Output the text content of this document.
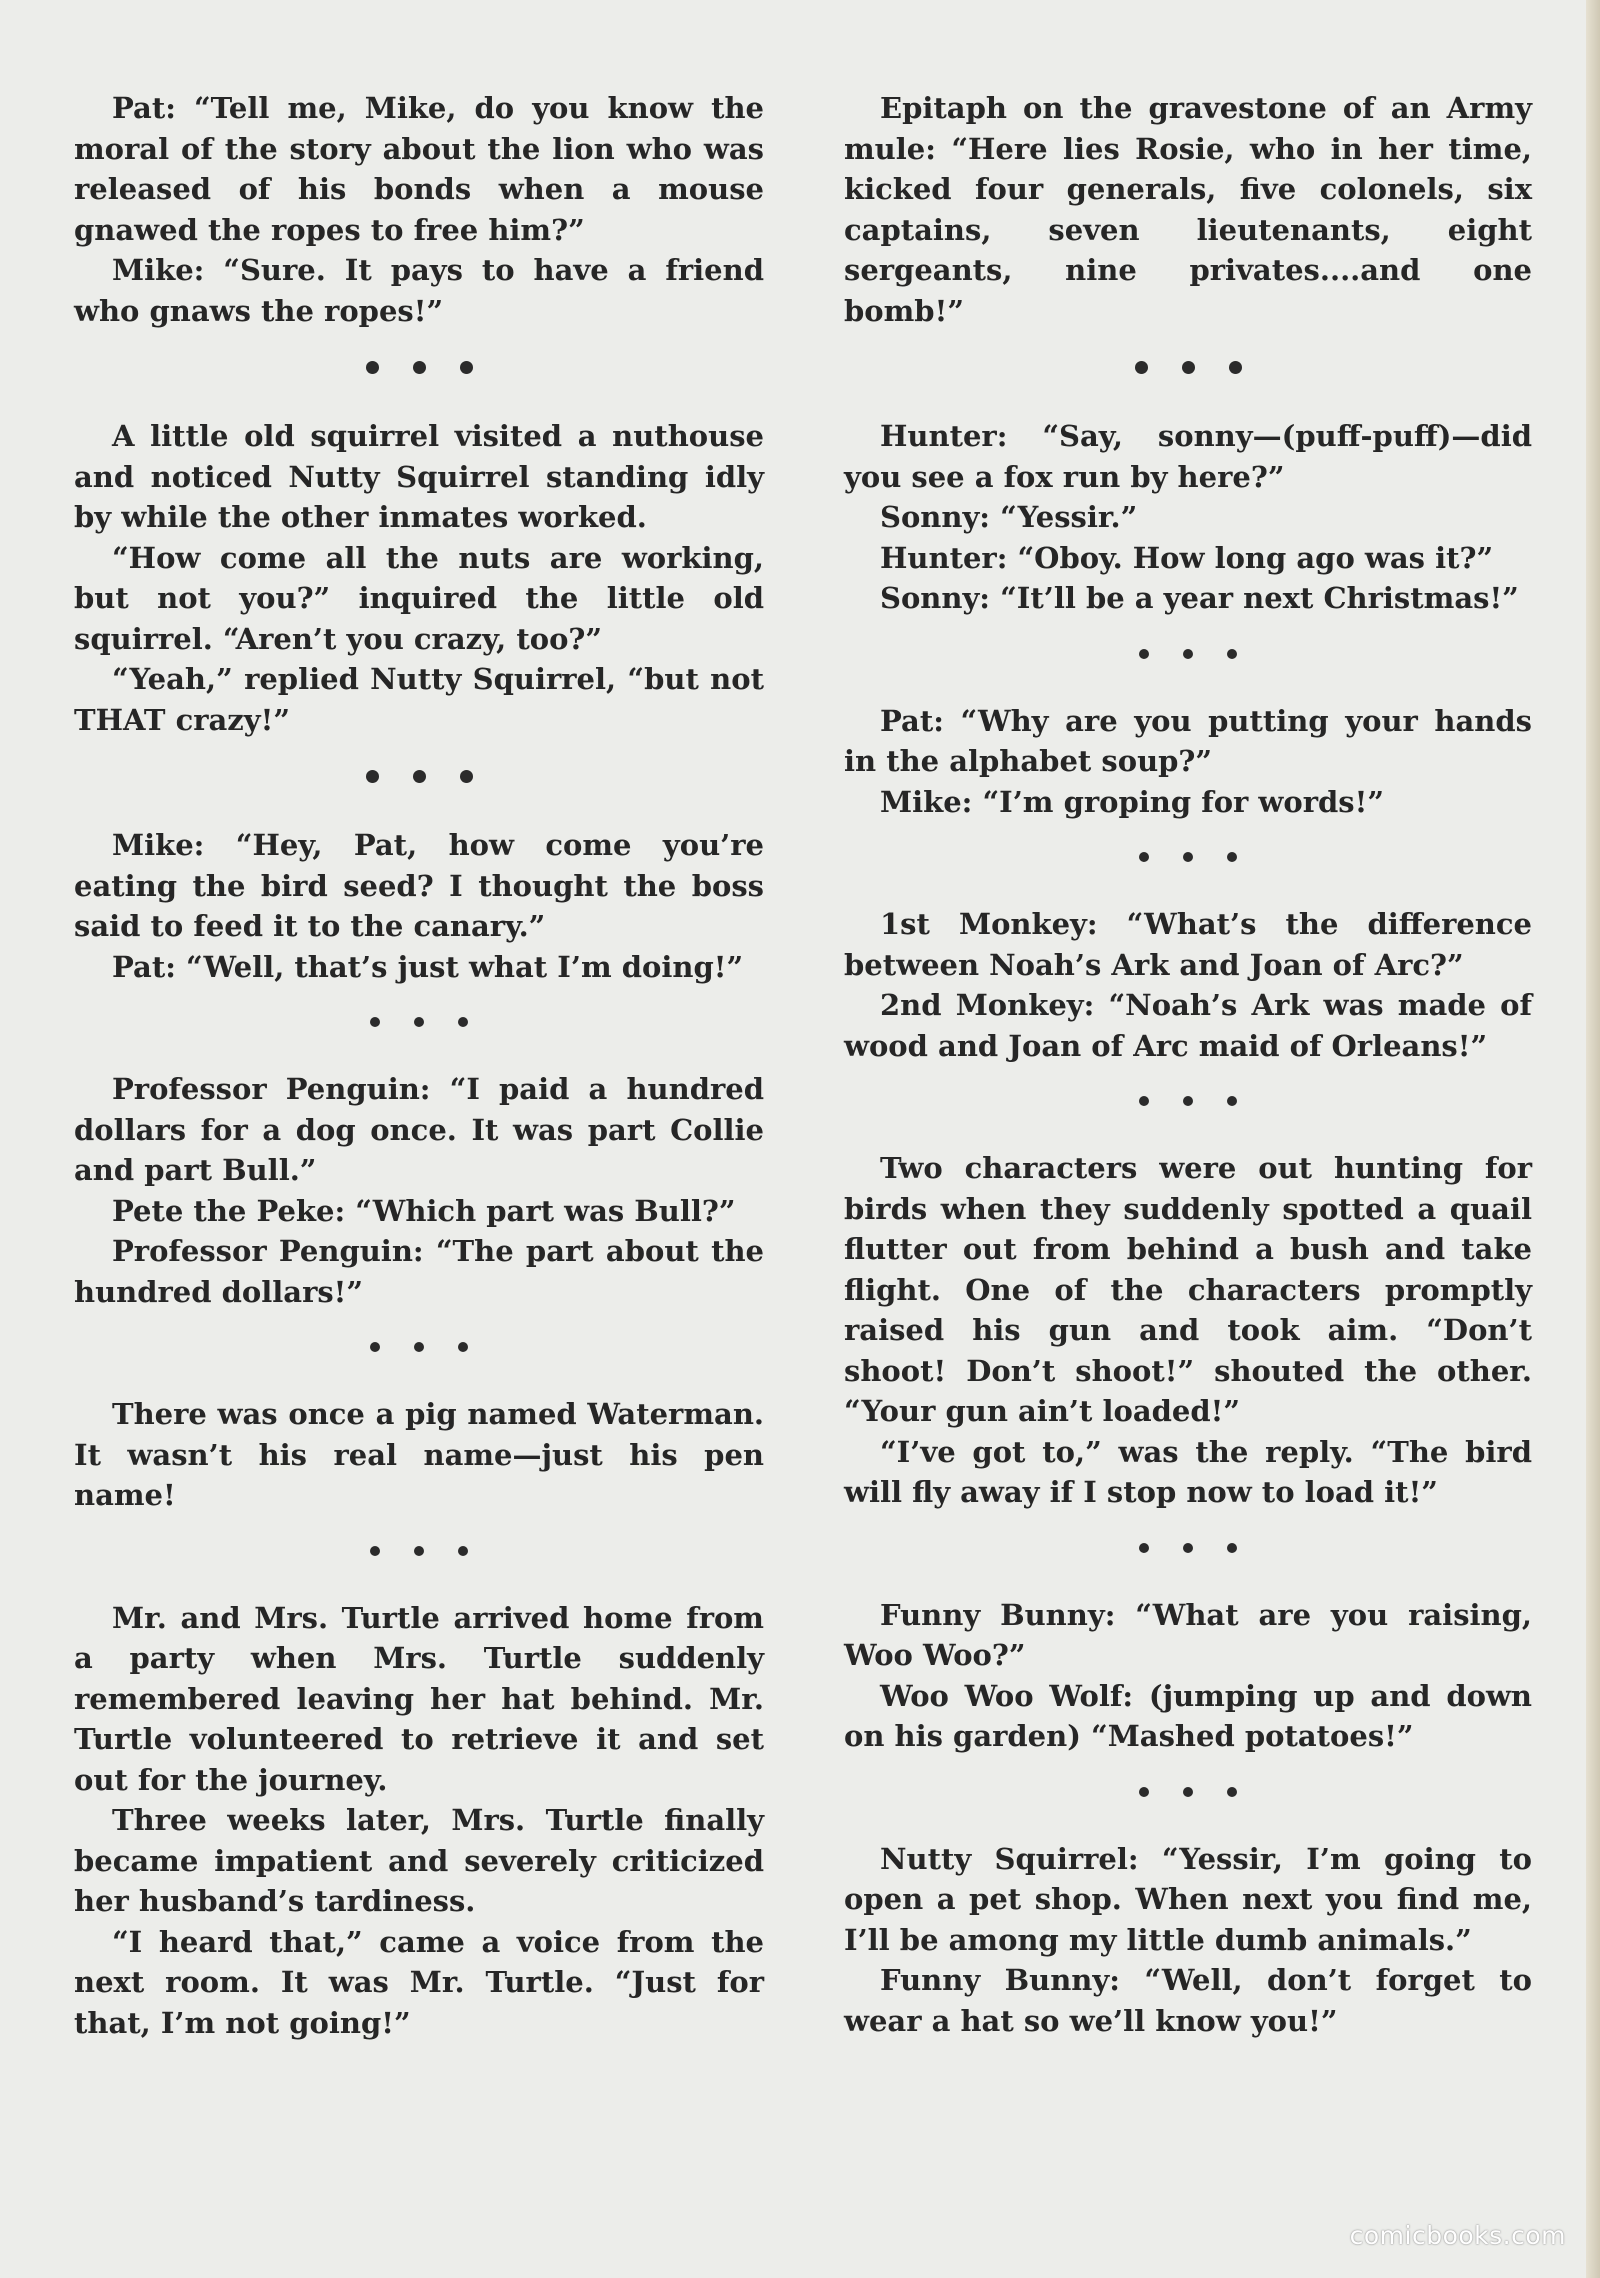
Pat: “Tell me, Mike, do you know the moral of the story about the lion who was released of his bonds when a mouse gnawed the ropes to free him?”

Mike: “Sure. It pays to have a friend who gnaws the ropes!”

A little old squirrel visited a nuthouse and noticed Nutty Squirrel standing idly by while the other inmates worked.

“How come all the nuts are working, but not you?” inquired the little old squirrel. “Aren’t you crazy, too?”

“Yeah,” replied Nutty Squirrel, “but not THAT crazy!”

Mike: “Hey, Pat, how come you’re eating the bird seed? I thought the boss said to feed it to the canary.”

Pat: “Well, that’s just what I’m doing!”

Professor Penguin: “I paid a hundred dollars for a dog once. It was part Collie and part Bull.”

Pete the Peke: “Which part was Bull?”

Professor Penguin: “The part about the hundred dollars!”

There was once a pig named Waterman. It wasn’t his real name—just his pen name!

Mr. and Mrs. Turtle arrived home from a party when Mrs. Turtle suddenly remembered leaving her hat behind. Mr. Turtle volunteered to retrieve it and set out for the journey.

Three weeks later, Mrs. Turtle finally became impatient and severely criticized her husband’s tardiness.

“I heard that,” came a voice from the next room. It was Mr. Turtle. “Just for that, I’m not going!”

Epitaph on the gravestone of an Army mule: “Here lies Rosie, who in her time, kicked four generals, five colonels, six captains, seven lieutenants, eight sergeants, nine privates....and one bomb!”

Hunter: “Say, sonny—(puff-puff)—did you see a fox run by here?”

Sonny: “Yessir.”

Hunter: “Oboy. How long ago was it?”

Sonny: “It’ll be a year next Christmas!”

Pat: “Why are you putting your hands in the alphabet soup?”

Mike: “I’m groping for words!”

1st Monkey: “What’s the difference between Noah’s Ark and Joan of Arc?”

2nd Monkey: “Noah’s Ark was made of wood and Joan of Arc maid of Orleans!”

Two characters were out hunting for birds when they suddenly spotted a quail flutter out from behind a bush and take flight. One of the characters promptly raised his gun and took aim. “Don’t shoot! Don’t shoot!” shouted the other. “Your gun ain’t loaded!”

“I’ve got to,” was the reply. “The bird will fly away if I stop now to load it!”

Funny Bunny: “What are you raising, Woo Woo?”

Woo Woo Wolf: (jumping up and down on his garden) “Mashed potatoes!”

Nutty Squirrel: “Yessir, I’m going to open a pet shop. When next you find me, I’ll be among my little dumb animals.”

Funny Bunny: “Well, don’t forget to wear a hat so we’ll know you!”

comicbooks.com
